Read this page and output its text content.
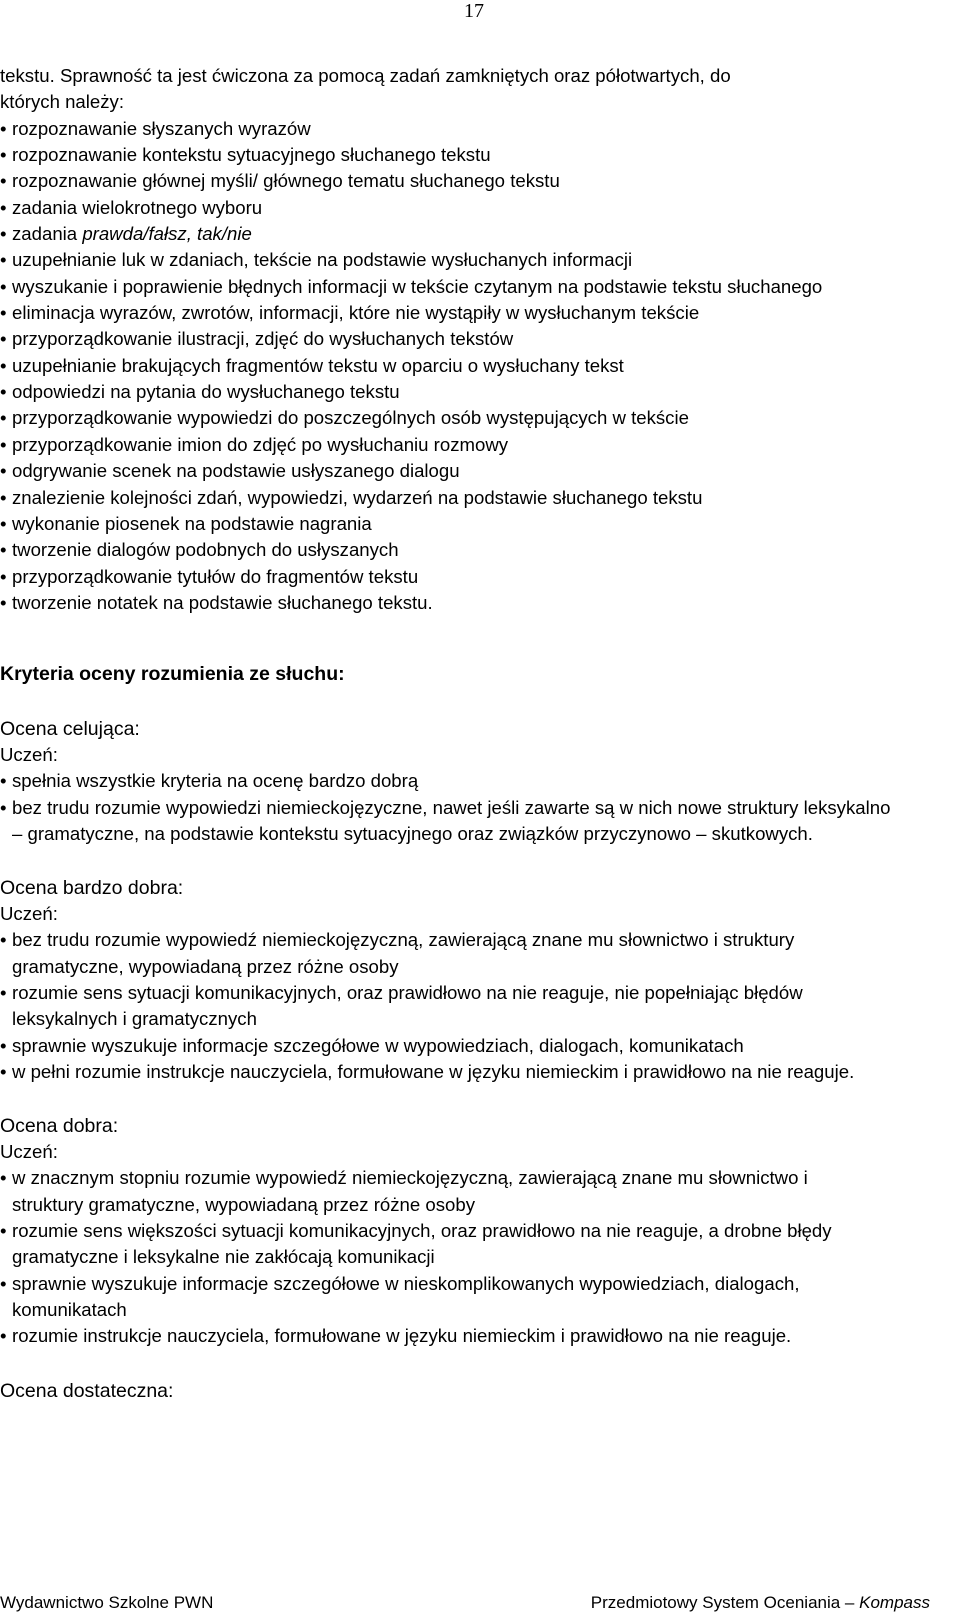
17
tekstu. Sprawność ta jest ćwiczona za pomocą zadań zamkniętych oraz półotwartych, do
których należy:
• rozpoznawanie słyszanych wyrazów
• rozpoznawanie kontekstu sytuacyjnego słuchanego tekstu
• rozpoznawanie głównej myśli/ głównego tematu słuchanego tekstu
• zadania wielokrotnego wyboru
• zadania prawda/fałsz, tak/nie
• uzupełnianie luk w zdaniach, tekście na podstawie wysłuchanych informacji
• wyszukanie i poprawienie błędnych informacji w tekście czytanym na podstawie tekstu słuchanego
• eliminacja wyrazów, zwrotów, informacji, które nie wystąpiły w wysłuchanym tekście
• przyporządkowanie ilustracji, zdjęć do wysłuchanych tekstów
• uzupełnianie brakujących fragmentów tekstu w oparciu o wysłuchany tekst
• odpowiedzi na pytania do wysłuchanego tekstu
• przyporządkowanie wypowiedzi do poszczególnych osób występujących w tekście
• przyporządkowanie imion do zdjęć po wysłuchaniu rozmowy
• odgrywanie scenek na podstawie usłyszanego dialogu
• znalezienie kolejności zdań, wypowiedzi, wydarzeń na podstawie słuchanego tekstu
• wykonanie piosenek na podstawie nagrania
• tworzenie dialogów podobnych do usłyszanych
• przyporządkowanie tytułów do fragmentów tekstu
• tworzenie notatek na podstawie słuchanego tekstu.
Kryteria oceny rozumienia ze słuchu:
Ocena celująca:
Uczeń:
• spełnia wszystkie kryteria na ocenę bardzo dobrą
• bez trudu rozumie wypowiedzi niemieckojęzyczne, nawet jeśli zawarte są w nich nowe struktury leksykalno – gramatyczne, na podstawie kontekstu sytuacyjnego oraz związków przyczynowo – skutkowych.
Ocena bardzo dobra:
Uczeń:
• bez trudu rozumie wypowiedź niemieckojęzyczną, zawierającą znane mu słownictwo i struktury gramatyczne, wypowiadaną przez różne osoby
• rozumie sens sytuacji komunikacyjnych, oraz prawidłowo na nie reaguje, nie popełniając błędów leksykalnych i gramatycznych
• sprawnie wyszukuje informacje szczegółowe w wypowiedziach, dialogach, komunikatach
• w pełni rozumie instrukcje nauczyciela, formułowane w języku niemieckim i prawidłowo na nie reaguje.
Ocena dobra:
Uczeń:
• w znacznym stopniu rozumie wypowiedź niemieckojęzyczną, zawierającą znane mu słownictwo i struktury gramatyczne, wypowiadaną przez różne osoby
• rozumie sens większości sytuacji komunikacyjnych, oraz prawidłowo na nie reaguje, a drobne błędy gramatyczne i leksykalne nie zakłócają komunikacji
• sprawnie wyszukuje informacje szczegółowe w nieskomplikowanych wypowiedziach, dialogach, komunikatach
• rozumie instrukcje nauczyciela, formułowane w języku niemieckim i prawidłowo na nie reaguje.
Ocena dostateczna:
Wydawnictwo Szkolne PWN	Przedmiotowy System Oceniania – Kompass
